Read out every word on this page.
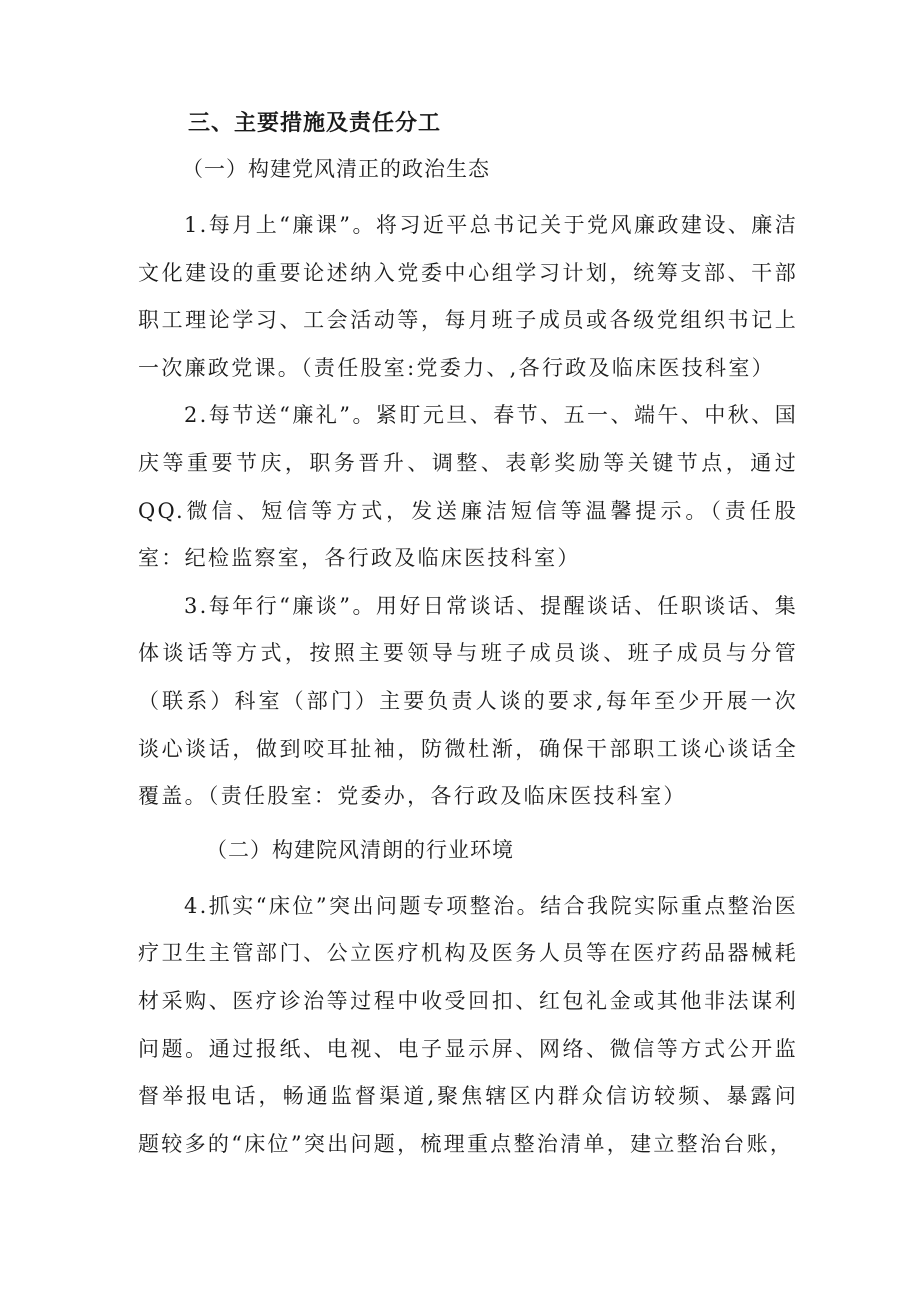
三、主要措施及责任分工
（一）构建党风清正的政治生态

1.每月上“廉课”。将习近平总书记关于党风廉政建设、廉洁文化建设的重要论述纳入党委中心组学习计划，统筹支部、干部职工理论学习、工会活动等，每月班子成员或各级党组织书记上一次廉政党课。（责任股室:党委力、,各行政及临床医技科室）

2.每节送“廉礼”。紧盯元旦、春节、五一、端午、中秋、国庆等重要节庆，职务晋升、调整、表彰奖励等关键节点，通过QQ.微信、短信等方式，发送廉洁短信等温馨提示。（责任股室：纪检监察室，各行政及临床医技科室）

3.每年行“廉谈”。用好日常谈话、提醒谈话、任职谈话、集体谈话等方式，按照主要领导与班子成员谈、班子成员与分管（联系）科室（部门）主要负责人谈的要求,每年至少开展一次谈心谈话，做到咬耳扯袖，防微杜渐，确保干部职工谈心谈话全覆盖。（责任股室：党委办，各行政及临床医技科室）

（二）构建院风清朗的行业环境

4.抓实“床位”突出问题专项整治。结合我院实际重点整治医疗卫生主管部门、公立医疗机构及医务人员等在医疗药品器械耗材采购、医疗诊治等过程中收受回扣、红包礼金或其他非法谋利问题。通过报纸、电视、电子显示屏、网络、微信等方式公开监督举报电话，畅通监督渠道,聚焦辖区内群众信访较频、暴露问题较多的“床位”突出问题，梳理重点整治清单，建立整治台账，
